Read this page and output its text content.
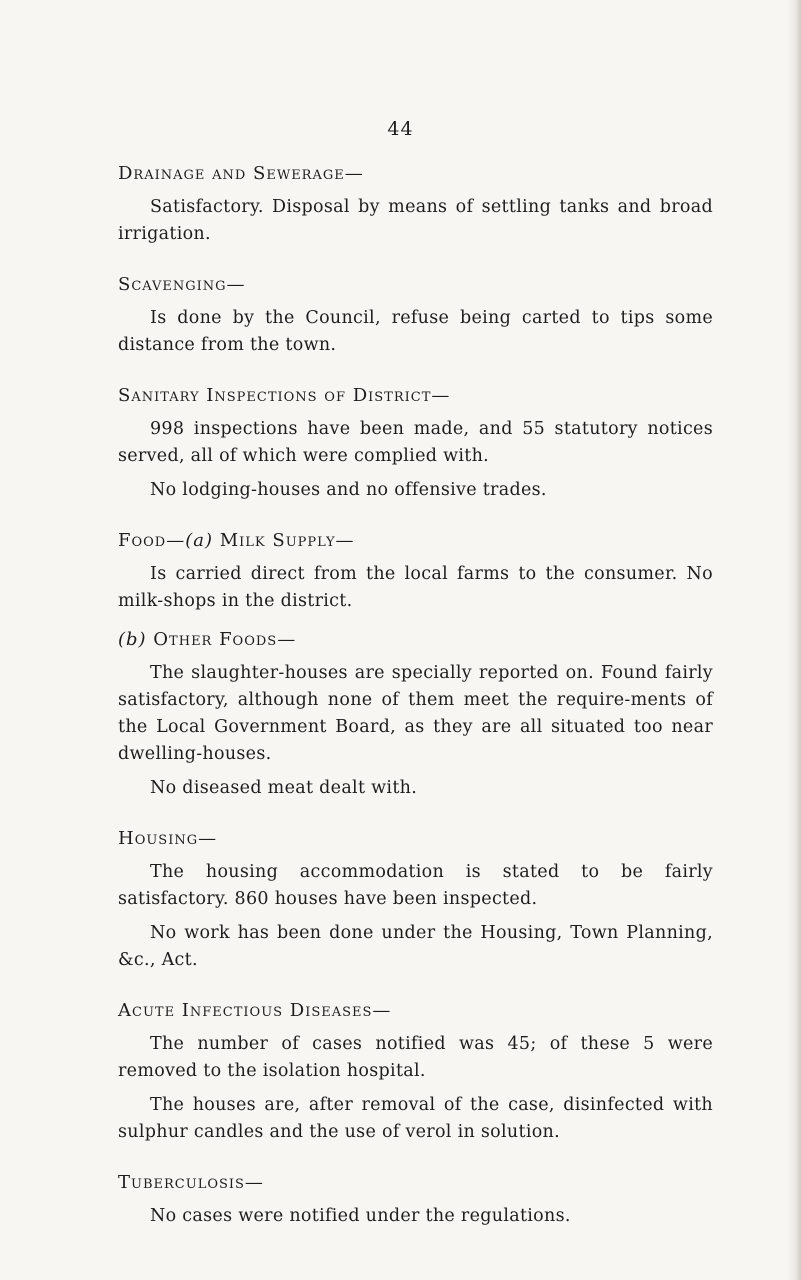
44
Drainage and Sewerage—

Satisfactory. Disposal by means of settling tanks and broad irrigation.

Scavenging—

Is done by the Council, refuse being carted to tips some distance from the town.

Sanitary Inspections of District—

998 inspections have been made, and 55 statutory notices served, all of which were complied with.

No lodging-houses and no offensive trades.

Food—(a) Milk Supply—

Is carried direct from the local farms to the consumer. No milk-shops in the district.

(b) Other Foods—

The slaughter-houses are specially reported on. Found fairly satisfactory, although none of them meet the require-ments of the Local Government Board, as they are all situated too near dwelling-houses.

No diseased meat dealt with.

Housing—

The housing accommodation is stated to be fairly satisfactory. 860 houses have been inspected.

No work has been done under the Housing, Town Planning, &c., Act.

Acute Infectious Diseases—

The number of cases notified was 45; of these 5 were removed to the isolation hospital.

The houses are, after removal of the case, disinfected with sulphur candles and the use of verol in solution.

Tuberculosis—

No cases were notified under the regulations.
